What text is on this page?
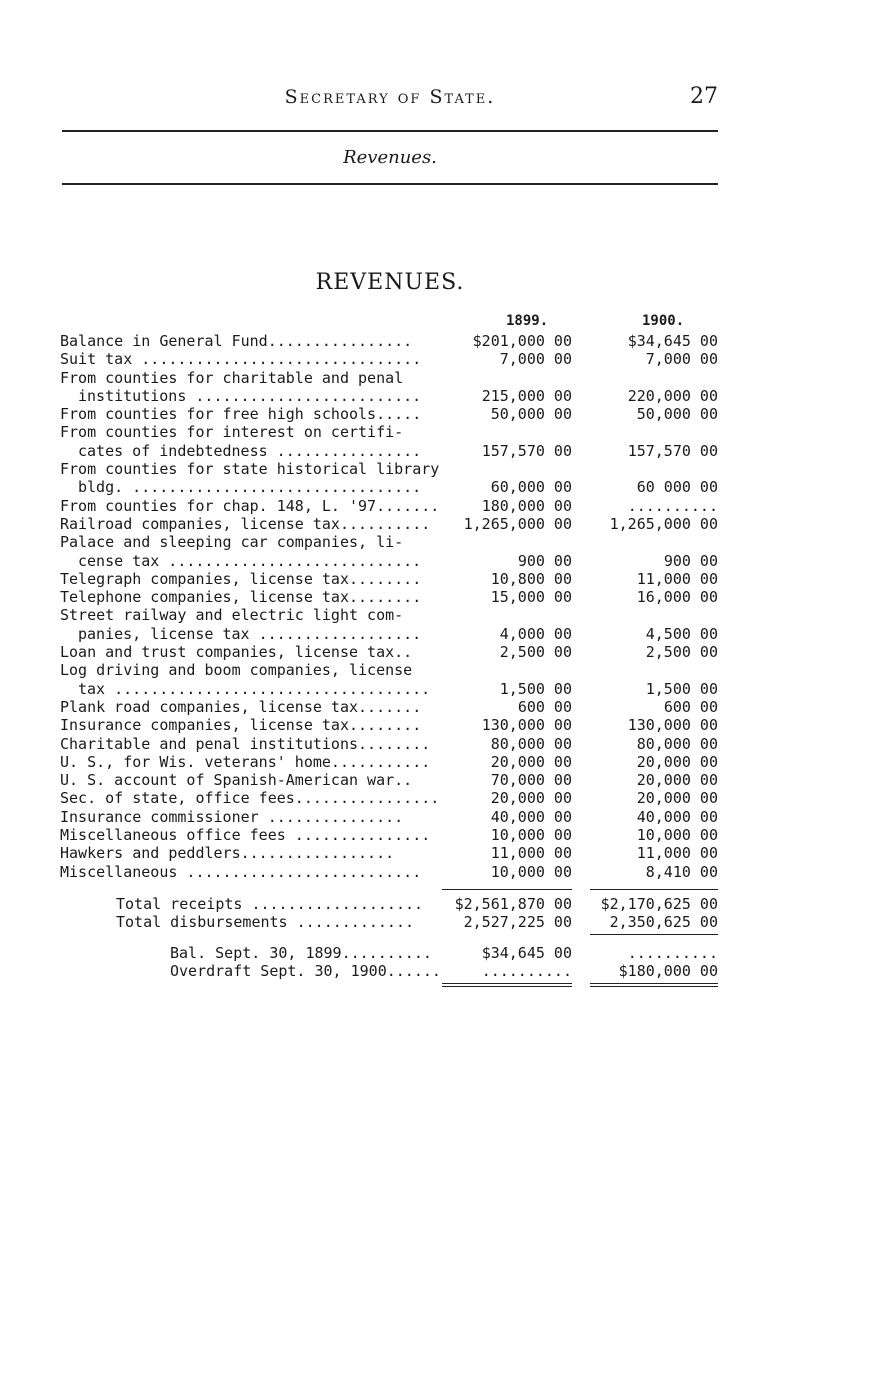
Secretary of State.	27
Revenues.
REVENUES.
1899.	1900.
Balance in General Fund................	$201,000 00	$34,645 00
Suit tax ...............................	7,000 00	7,000 00
From counties for charitable and penal
institutions .........................	215,000 00	220,000 00
From counties for free high schools.....	50,000 00	50,000 00
From counties for interest on certifi-
cates of indebtedness ................	157,570 00	157,570 00
From counties for state historical library
bldg. ................................	60,000 00	60 000 00
From counties for chap. 148, L. '97.......	180,000 00	..........
Railroad companies, license tax..........	1,265,000 00	1,265,000 00
Palace and sleeping car companies, li-
cense tax ............................	900 00	900 00
Telegraph companies, license tax........	10,800 00	11,000 00
Telephone companies, license tax........	15,000 00	16,000 00
Street railway and electric light com-
panies, license tax ..................	4,000 00	4,500 00
Loan and trust companies, license tax..	2,500 00	2,500 00
Log driving and boom companies, license
tax ...................................	1,500 00	1,500 00
Plank road companies, license tax.......	600 00	600 00
Insurance companies, license tax........	130,000 00	130,000 00
Charitable and penal institutions........	80,000 00	80,000 00
U. S., for Wis. veterans' home...........	20,000 00	20,000 00
U. S. account of Spanish-American war..	70,000 00	20,000 00
Sec. of state, office fees................	20,000 00	20,000 00
Insurance commissioner ...............	40,000 00	40,000 00
Miscellaneous office fees ...............	10,000 00	10,000 00
Hawkers and peddlers.................	11,000 00	11,000 00
Miscellaneous ..........................	10,000 00	8,410 00
Total receipts ...................	$2,561,870 00 $2,170,625 00
Total disbursements .............	2,527,225 00	2,350,625 00
Bal. Sept. 30, 1899..........	$34,645 00	..........
Overdraft Sept. 30, 1900......	..........	$180,000 00
